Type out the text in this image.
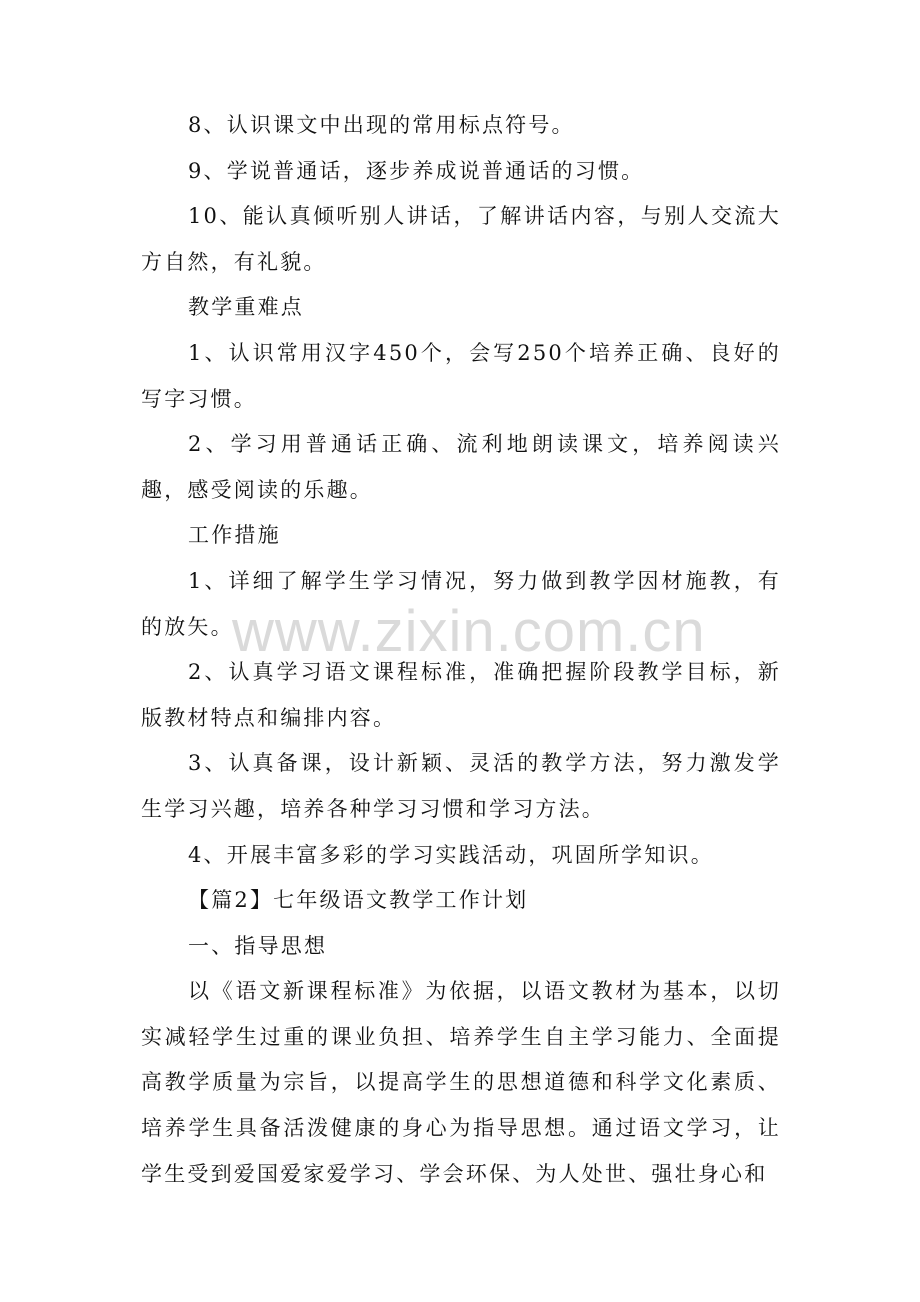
8、认识课文中出现的常用标点符号。

9、学说普通话，逐步养成说普通话的习惯。

10、能认真倾听别人讲话，了解讲话内容，与别人交流大方自然，有礼貌。

教学重难点

1、认识常用汉字450个，会写250个培养正确、良好的写字习惯。

2、学习用普通话正确、流利地朗读课文，培养阅读兴趣，感受阅读的乐趣。

工作措施

1、详细了解学生学习情况，努力做到教学因材施教，有的放矢。

2、认真学习语文课程标准，准确把握阶段教学目标，新版教材特点和编排内容。

3、认真备课，设计新颖、灵活的教学方法，努力激发学生学习兴趣，培养各种学习习惯和学习方法。

4、开展丰富多彩的学习实践活动，巩固所学知识。

【篇2】七年级语文教学工作计划

一、指导思想

以《语文新课程标准》为依据，以语文教材为基本，以切实减轻学生过重的课业负担、培养学生自主学习能力、全面提高教学质量为宗旨，以提高学生的思想道德和科学文化素质、培养学生具备活泼健康的身心为指导思想。通过语文学习，让学生受到爱国爱家爱学习、学会环保、为人处世、强壮身心和

www.zixin.com.cn
